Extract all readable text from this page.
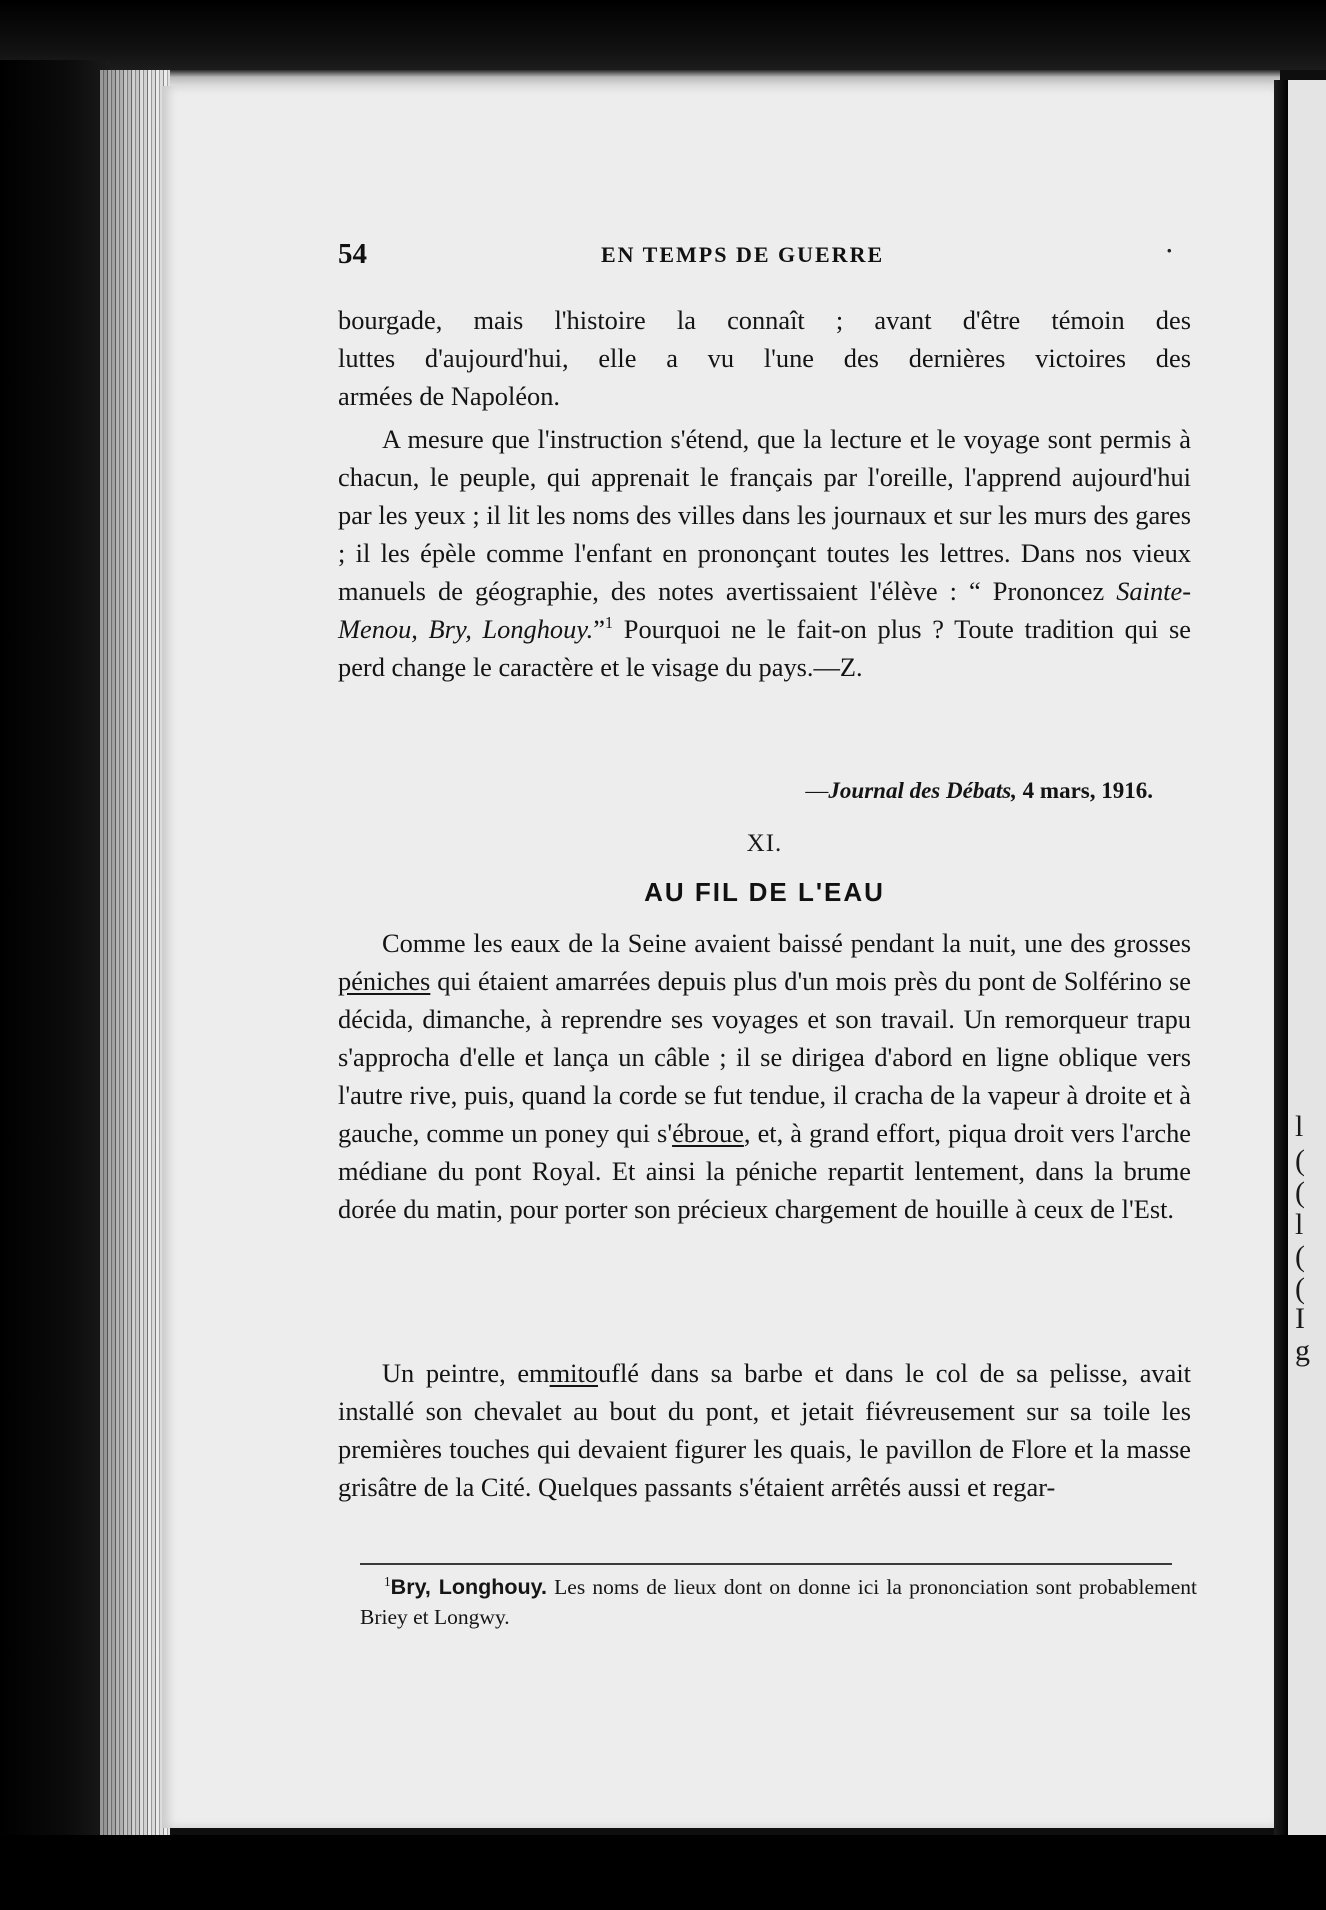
l
(
(
l
(
(
I
g
54	EN TEMPS DE GUERRE	·

bourgade, mais l'histoire la connaît ; avant d'être témoin des
luttes d'aujourd'hui, elle a vu l'une des dernières victoires des
armées de Napoléon.

A mesure que l'instruction s'étend, que la lecture et le voyage sont permis à chacun, le peuple, qui apprenait le français par l'oreille, l'apprend aujourd'hui par les yeux ; il lit les noms des villes dans les journaux et sur les murs des gares ; il les épèle comme l'enfant en prononçant toutes les lettres. Dans nos vieux manuels de géographie, des notes avertissaient l'élève : “ Prononcez Sainte-Menou, Bry, Longhouy.”$^1$ Pourquoi ne le fait-on plus ? Toute tradition qui se perd change le caractère et le visage du pays.—Z.

—Journal des Débats, 4 mars, 1916.
XI.
AU FIL DE L'EAU

Comme les eaux de la Seine avaient baissé pendant la nuit, une des grosses péniches qui étaient amarrées depuis plus d'un mois près du pont de Solférino se décida, dimanche, à reprendre ses voyages et son travail. Un remorqueur trapu s'approcha d'elle et lança un câble ; il se dirigea d'abord en ligne oblique vers l'autre rive, puis, quand la corde se fut tendue, il cracha de la vapeur à droite et à gauche, comme un poney qui s'ébroue, et, à grand effort, piqua droit vers l'arche médiane du pont Royal. Et ainsi la péniche repartit lentement, dans la brume dorée du matin, pour porter son précieux chargement de houille à ceux de l'Est.

Un peintre, emmitouflé dans sa barbe et dans le col de sa pelisse, avait installé son chevalet au bout du pont, et jetait fiévreusement sur sa toile les premières touches qui devaient figurer les quais, le pavillon de Flore et la masse grisâtre de la Cité. Quelques passants s'étaient arrêtés aussi et regar-

$^1$Bry, Longhouy. Les noms de lieux dont on donne ici la prononciation sont probablement Briey et Longwy.
